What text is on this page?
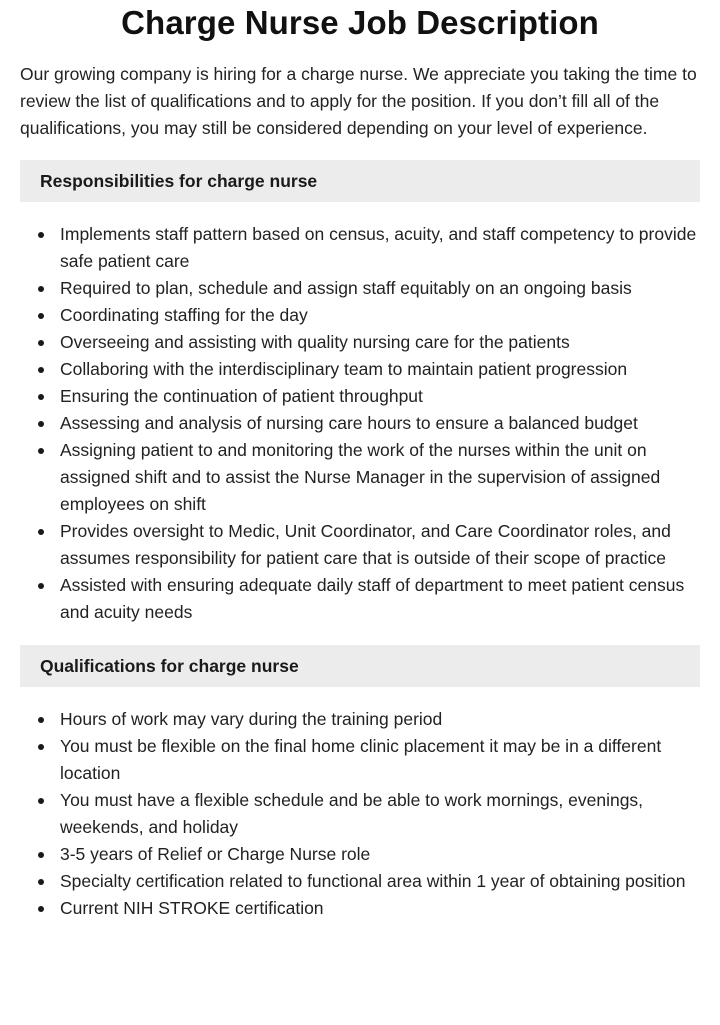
Charge Nurse Job Description

Our growing company is hiring for a charge nurse. We appreciate you taking the time to review the list of qualifications and to apply for the position. If you don’t fill all of the qualifications, you may still be considered depending on your level of experience.

Responsibilities for charge nurse
Implements staff pattern based on census, acuity, and staff competency to provide safe patient care
Required to plan, schedule and assign staff equitably on an ongoing basis
Coordinating staffing for the day
Overseeing and assisting with quality nursing care for the patients
Collaboring with the interdisciplinary team to maintain patient progression
Ensuring the continuation of patient throughput
Assessing and analysis of nursing care hours to ensure a balanced budget
Assigning patient to and monitoring the work of the nurses within the unit on assigned shift and to assist the Nurse Manager in the supervision of assigned employees on shift
Provides oversight to Medic, Unit Coordinator, and Care Coordinator roles, and assumes responsibility for patient care that is outside of their scope of practice
Assisted with ensuring adequate daily staff of department to meet patient census and acuity needs
Qualifications for charge nurse
Hours of work may vary during the training period
You must be flexible on the final home clinic placement it may be in a different location
You must have a flexible schedule and be able to work mornings, evenings, weekends, and holiday
3-5 years of Relief or Charge Nurse role
Specialty certification related to functional area within 1 year of obtaining position
Current NIH STROKE certification
